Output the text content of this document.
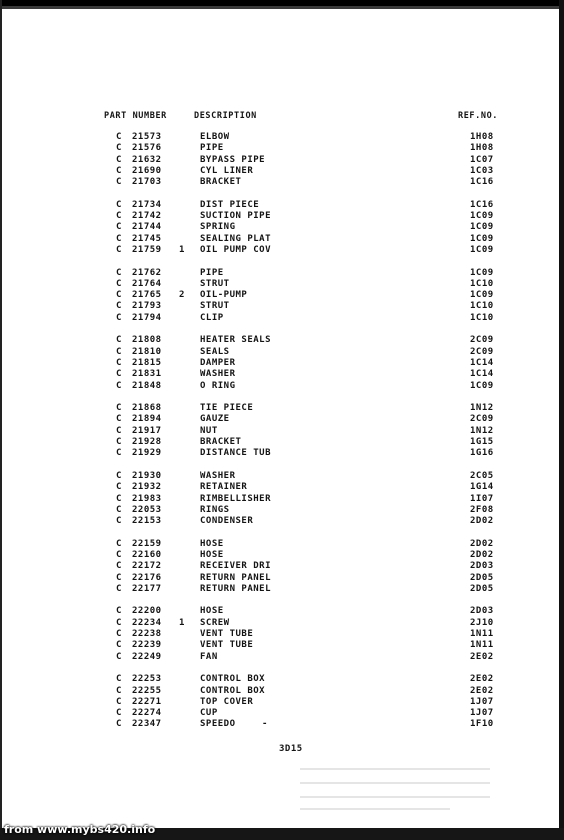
PART NUMBER	DESCRIPTION	REF.NO.
C 21573	ELBOW	1H08
C 21576	PIPE	1H08
C 21632	BYPASS PIPE	1C07
C 21690	CYL LINER	1C03
C 21703	BRACKET	1C16
C 21734	DIST PIECE	1C16
C 21742	SUCTION PIPE	1C09
C 21744	SPRING	1C09
C 21745	SEALING PLAT	1C09
C 21759 1 OIL PUMP COV	1C09
C 21762	PIPE	1C09
C 21764	STRUT	1C10
C 21765 2 OIL-PUMP	1C09
C 21793	STRUT	1C10
C 21794	CLIP	1C10
C 21808	HEATER SEALS	2C09
C 21810	SEALS	2C09
C 21815	DAMPER	1C14
C 21831	WASHER	1C14
C 21848	O RING	1C09
C 21868	TIE PIECE	1N12
C 21894	GAUZE	2C09
C 21917	NUT	1N12
C 21928	BRACKET	1G15
C 21929	DISTANCE TUB	1G16
C 21930	WASHER	2C05
C 21932	RETAINER	1G14
C 21983	RIMBELLISHER	1I07
C 22053	RINGS	2F08
C 22153	CONDENSER	2D02
C 22159	HOSE	2D02
C 22160	HOSE	2D02
C 22172	RECEIVER DRI	2D03
C 22176	RETURN PANEL	2D05
C 22177	RETURN PANEL	2D05
C 22200	HOSE	2D03
C 22234 1 SCREW	2J10
C 22238	VENT TUBE	1N11
C 22239	VENT TUBE	1N11
C 22249	FAN	2E02
C 22253	CONTROL BOX	2E02
C 22255	CONTROL BOX	2E02
C 22271	TOP COVER	1J07
C 22274	CUP	1J07
C 22347	SPEEDO	1F10
-
3D15
from www.mybs420.info
